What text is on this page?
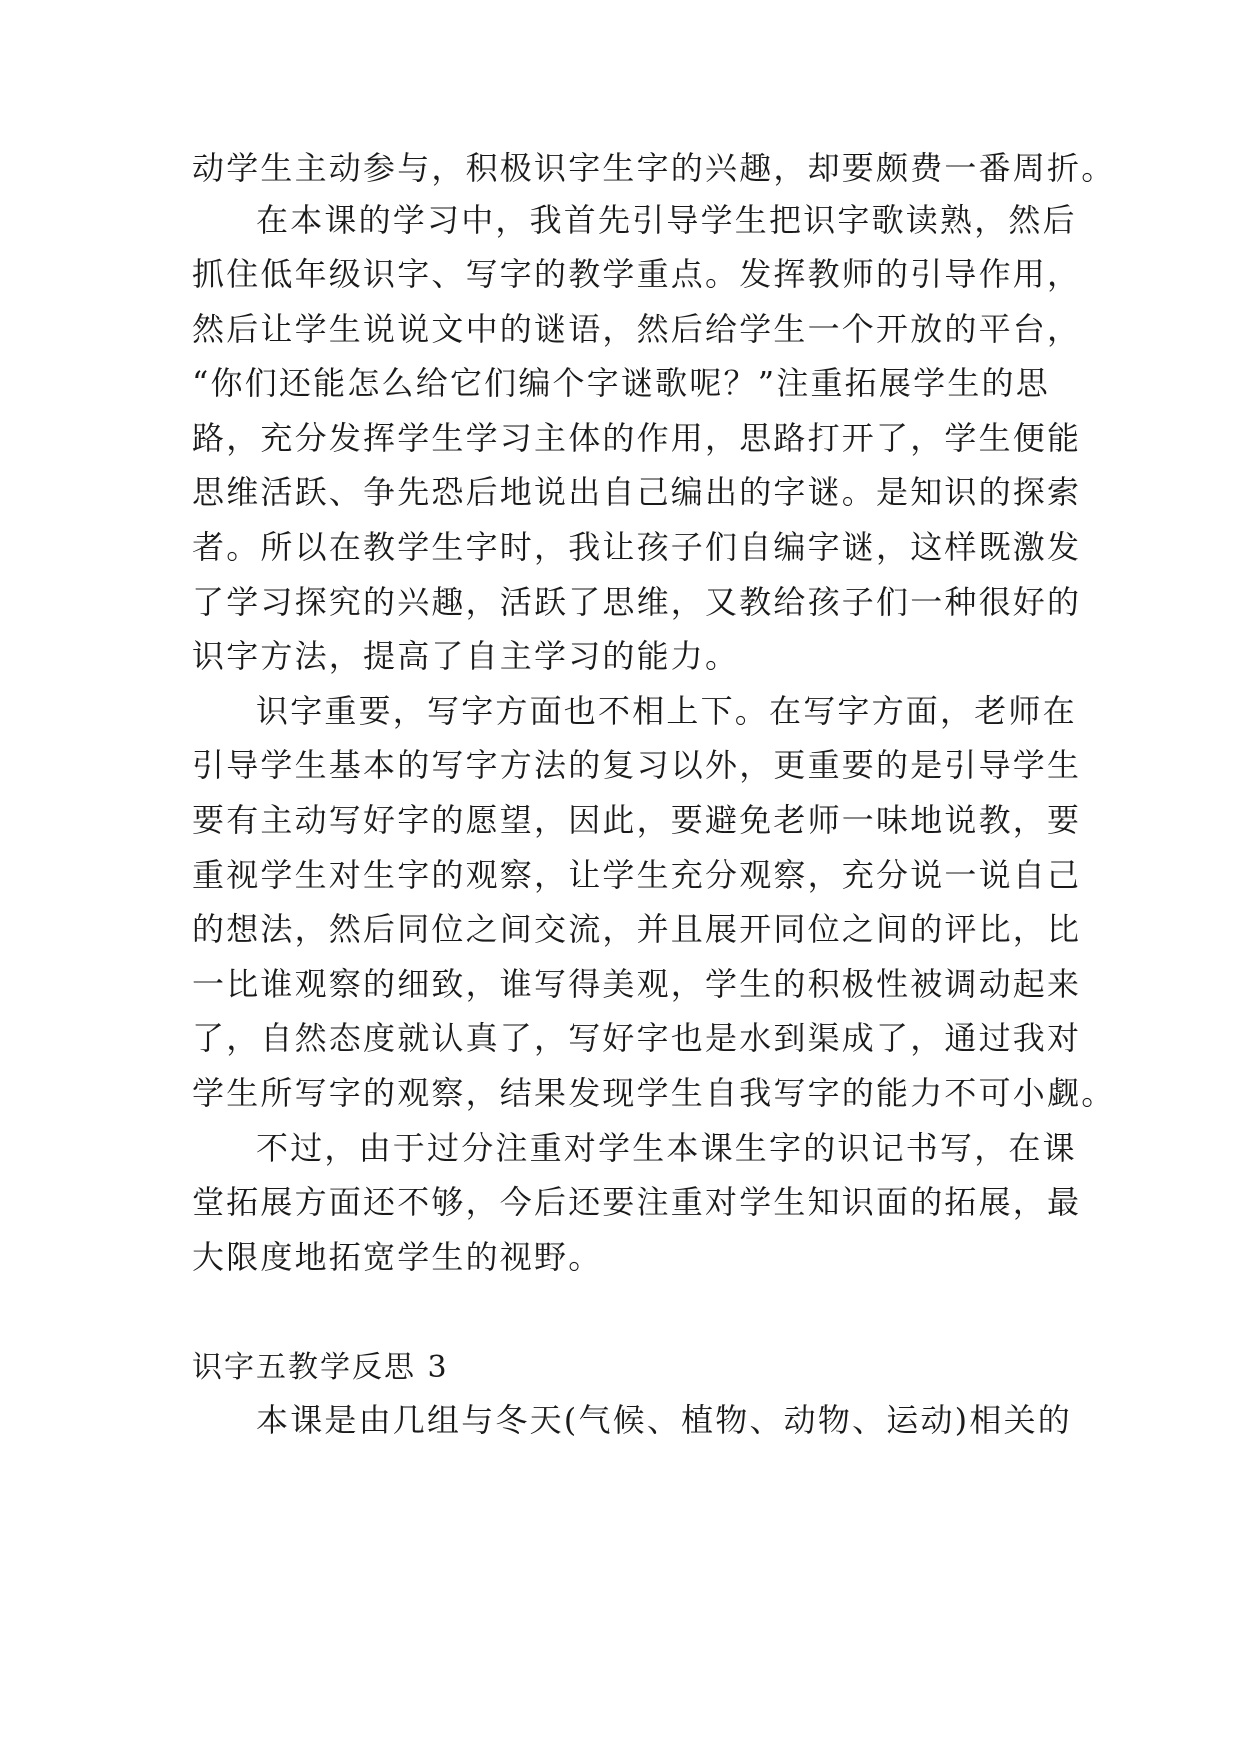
动学生主动参与，积极识字生字的兴趣，却要颇费一番周折。
在本课的学习中，我首先引导学生把识字歌读熟，然后
抓住低年级识字、写字的教学重点。发挥教师的引导作用，
然后让学生说说文中的谜语，然后给学生一个开放的平台，
“你们还能怎么给它们编个字谜歌呢？”注重拓展学生的思
路，充分发挥学生学习主体的作用，思路打开了，学生便能
思维活跃、争先恐后地说出自己编出的字谜。是知识的探索
者。所以在教学生字时，我让孩子们自编字谜，这样既激发
了学习探究的兴趣，活跃了思维，又教给孩子们一种很好的
识字方法，提高了自主学习的能力。
识字重要，写字方面也不相上下。在写字方面，老师在
引导学生基本的写字方法的复习以外，更重要的是引导学生
要有主动写好字的愿望，因此，要避免老师一味地说教，要
重视学生对生字的观察，让学生充分观察，充分说一说自己
的想法，然后同位之间交流，并且展开同位之间的评比，比
一比谁观察的细致，谁写得美观，学生的积极性被调动起来
了，自然态度就认真了，写好字也是水到渠成了，通过我对
学生所写字的观察，结果发现学生自我写字的能力不可小觑。
不过，由于过分注重对学生本课生字的识记书写，在课
堂拓展方面还不够，今后还要注重对学生知识面的拓展，最
大限度地拓宽学生的视野。
识字五教学反思 3
本课是由几组与冬天(气候、植物、动物、运动)相关的
